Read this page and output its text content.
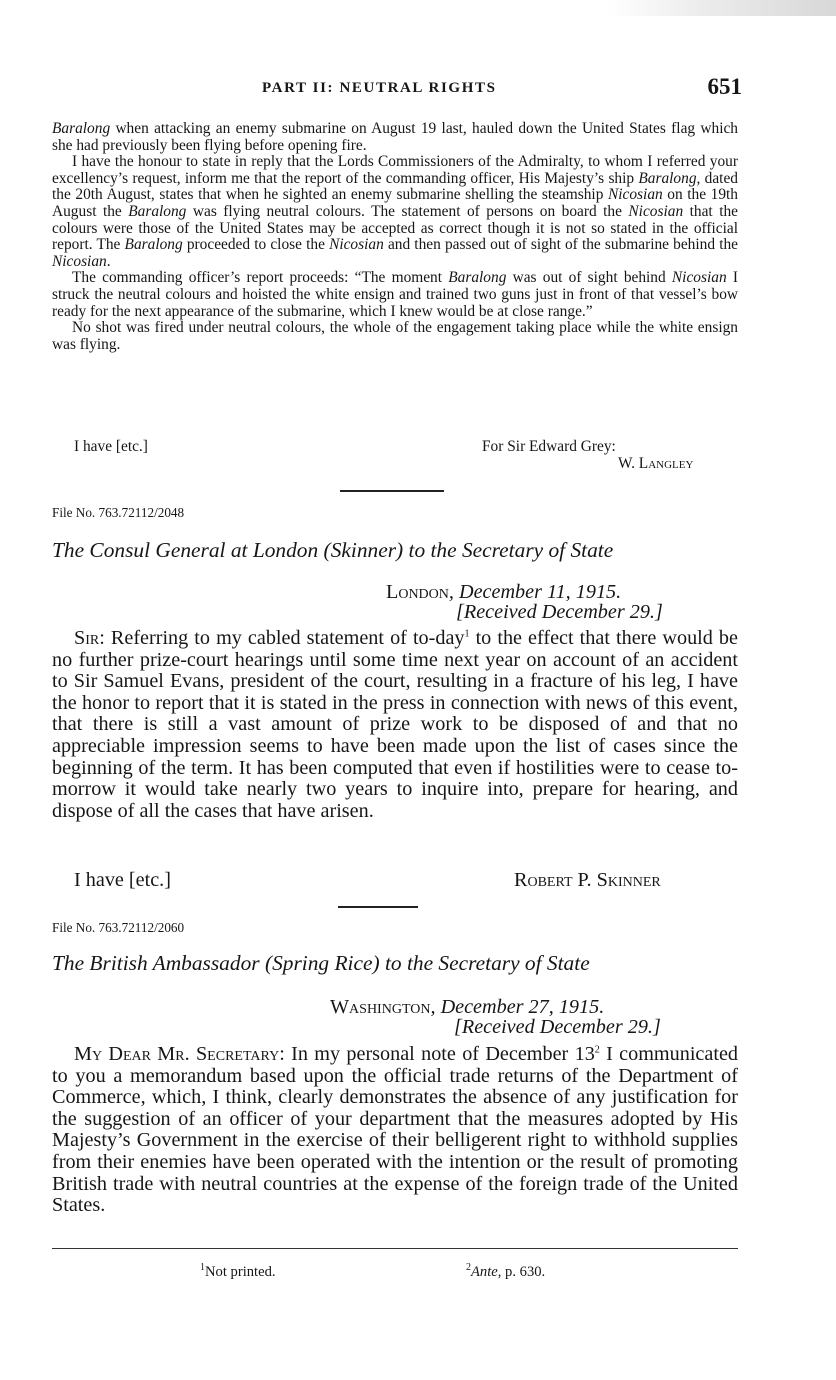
PART II: NEUTRAL RIGHTS	651

Baralong when attacking an enemy submarine on August 19 last, hauled down the United States flag which she had previously been flying before opening fire.

I have the honour to state in reply that the Lords Commissioners of the Admiralty, to whom I referred your excellency’s request, inform me that the report of the commanding officer, His Majesty’s ship Baralong, dated the 20th August, states that when he sighted an enemy submarine shelling the steamship Nicosian on the 19th August the Baralong was flying neutral colours. The statement of persons on board the Nicosian that the colours were those of the United States may be accepted as correct though it is not so stated in the official report. The Baralong proceeded to close the Nicosian and then passed out of sight of the submarine behind the Nicosian.

The commanding officer’s report proceeds: “The moment Baralong was out of sight behind Nicosian I struck the neutral colours and hoisted the white ensign and trained two guns just in front of that vessel’s bow ready for the next appearance of the submarine, which I knew would be at close range.”

No shot was fired under neutral colours, the whole of the engagement taking place while the white ensign was flying.

I have [etc.]	For Sir Edward Grey:
W. Langley
File No. 763.72112/2048
The Consul General at London (Skinner) to the Secretary of State
London, December 11, 1915.
[Received December 29.]

Sir: Referring to my cabled statement of to-day$^1$ to the effect that there would be no further prize-court hearings until some time next year on account of an accident to Sir Samuel Evans, president of the court, resulting in a fracture of his leg, I have the honor to report that it is stated in the press in connection with news of this event, that there is still a vast amount of prize work to be disposed of and that no appreciable impression seems to have been made upon the list of cases since the beginning of the term. It has been computed that even if hostilities were to cease to-morrow it would take nearly two years to inquire into, prepare for hearing, and dispose of all the cases that have arisen.

I have [etc.]	Robert P. Skinner
File No. 763.72112/2060
The British Ambassador (Spring Rice) to the Secretary of State
Washington, December 27, 1915.
[Received December 29.]

My Dear Mr. Secretary: In my personal note of December $13^2$ I communicated to you a memorandum based upon the official trade returns of the Department of Commerce, which, I think, clearly demonstrates the absence of any justification for the suggestion of an officer of your department that the measures adopted by His Majesty’s Government in the exercise of their belligerent right to withhold supplies from their enemies have been operated with the intention or the result of promoting British trade with neutral countries at the expense of the foreign trade of the United States.

$^1$Not printed.	$^2$Ante, p. 630.
